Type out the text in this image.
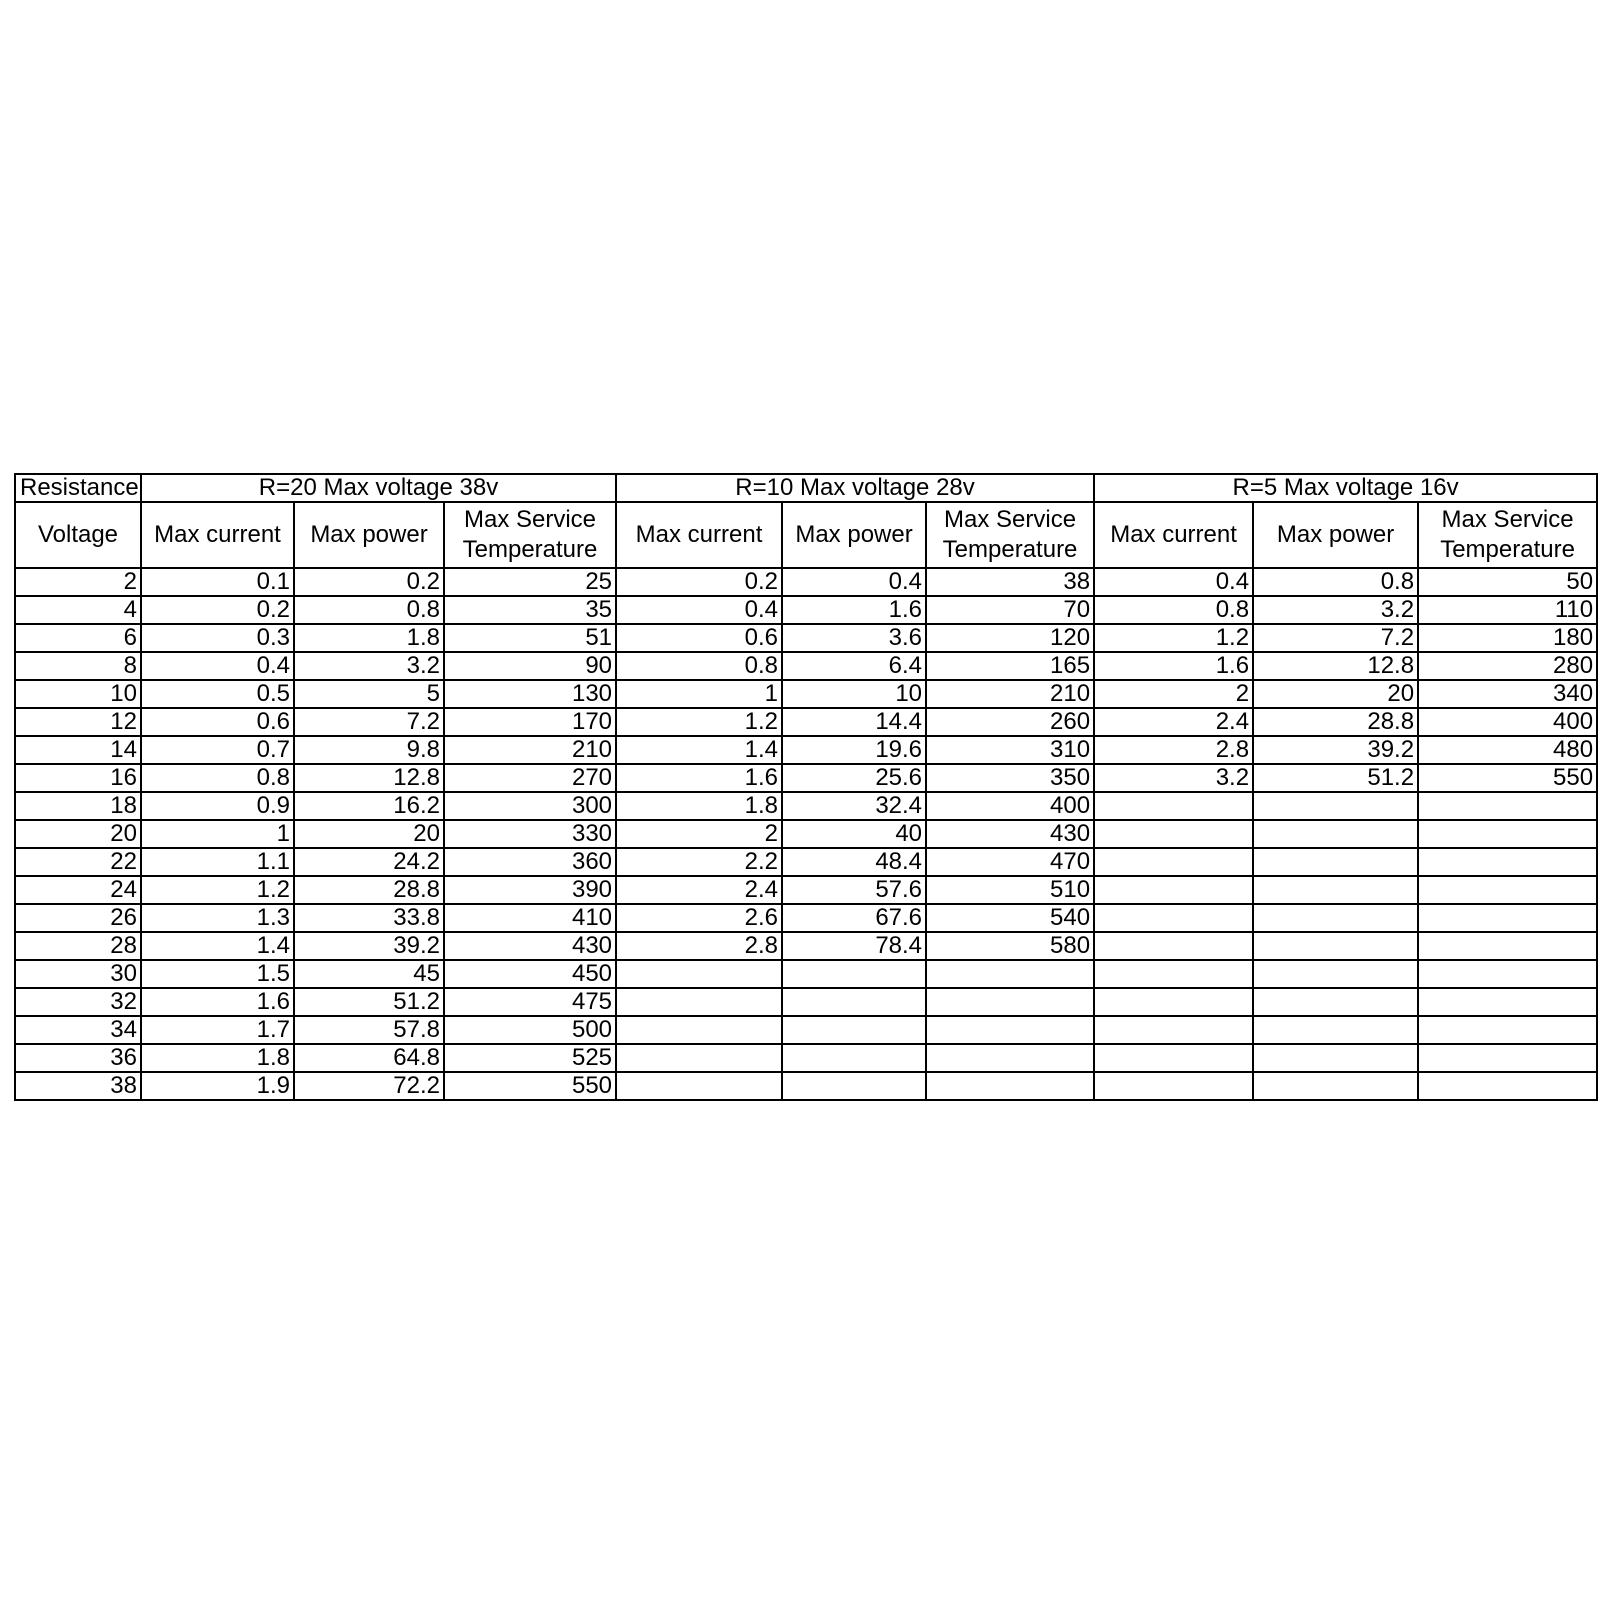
Resistance	R=20 Max voltage 38v			R=10 Max voltage 28v			R=5 Max voltage 16v		
Voltage	Max current	Max power	Max Service Temperature	Max current	Max power	Max Service Temperature	Max current	Max power	Max Service Temperature
2	0.1	0.2	25	0.2	0.4	38	0.4	0.8	50
4	0.2	0.8	35	0.4	1.6	70	0.8	3.2	110
6	0.3	1.8	51	0.6	3.6	120	1.2	7.2	180
8	0.4	3.2	90	0.8	6.4	165	1.6	12.8	280
10	0.5	5	130	1	10	210	2	20	340
12	0.6	7.2	170	1.2	14.4	260	2.4	28.8	400
14	0.7	9.8	210	1.4	19.6	310	2.8	39.2	480
16	0.8	12.8	270	1.6	25.6	350	3.2	51.2	550
18	0.9	16.2	300	1.8	32.4	400			
20	1	20	330	2	40	430			
22	1.1	24.2	360	2.2	48.4	470			
24	1.2	28.8	390	2.4	57.6	510			
26	1.3	33.8	410	2.6	67.6	540			
28	1.4	39.2	430	2.8	78.4	580			
30	1.5	45	450						
32	1.6	51.2	475						
34	1.7	57.8	500						
36	1.8	64.8	525						
38	1.9	72.2	550						
